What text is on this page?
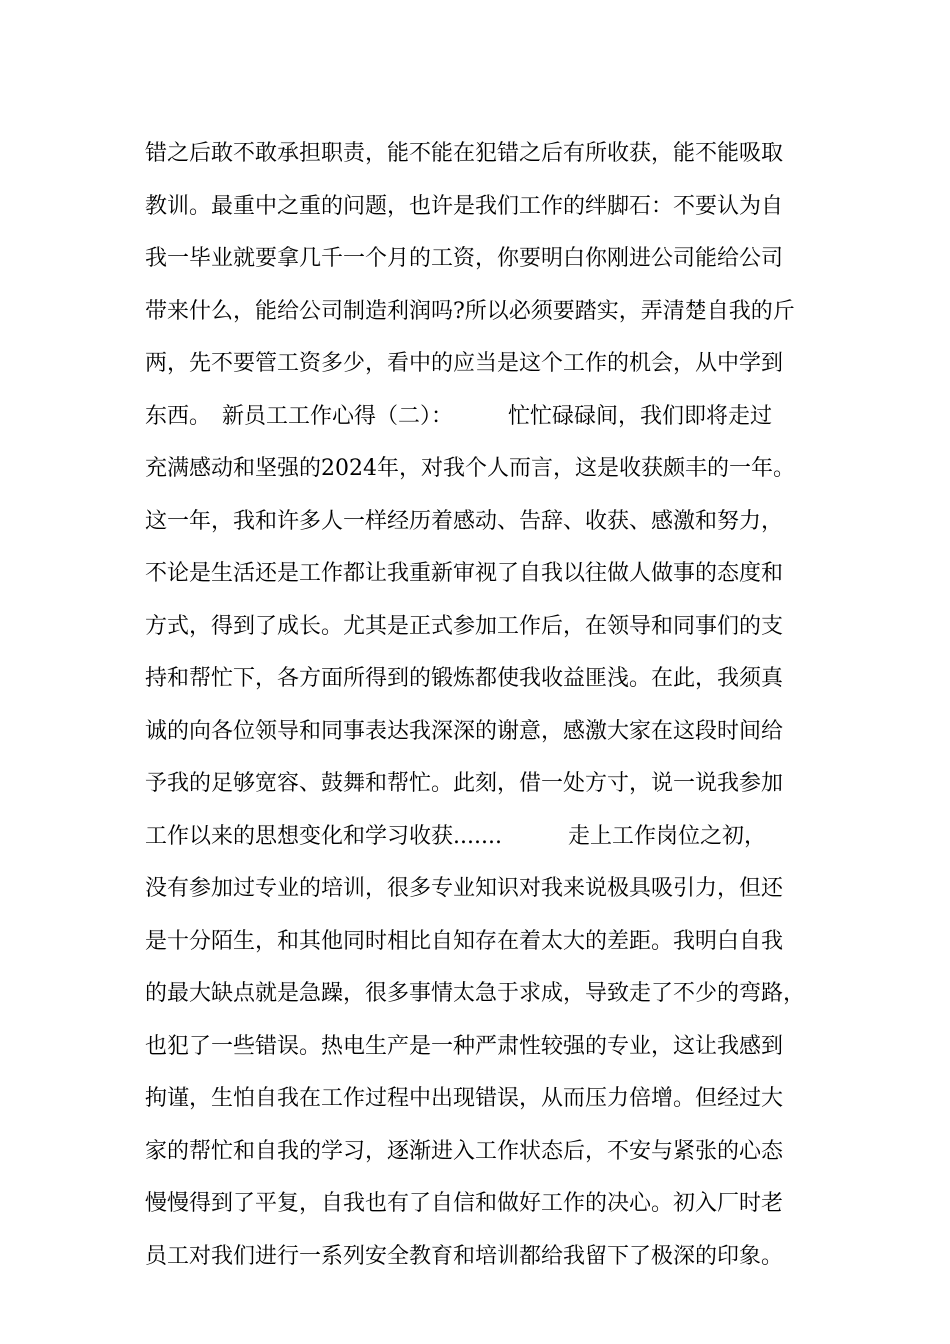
错之后敢不敢承担职责，能不能在犯错之后有所收获，能不能吸取
教训。最重中之重的问题，也许是我们工作的绊脚石：不要认为自
我一毕业就要拿几千一个月的工资，你要明白你刚进公司能给公司
带来什么，能给公司制造利润吗?所以必须要踏实，弄清楚自我的斤
两，先不要管工资多少，看中的应当是这个工作的机会，从中学到
东西。　新员工工作心得（二）：　　　忙忙碌碌间，我们即将走过
充满感动和坚强的2024年，对我个人而言，这是收获颇丰的一年。
这一年，我和许多人一样经历着感动、告辞、收获、感激和努力，
不论是生活还是工作都让我重新审视了自我以往做人做事的态度和
方式，得到了成长。尤其是正式参加工作后，在领导和同事们的支
持和帮忙下，各方面所得到的锻炼都使我收益匪浅。在此，我须真
诚的向各位领导和同事表达我深深的谢意，感激大家在这段时间给
予我的足够宽容、鼓舞和帮忙。此刻，借一处方寸，说一说我参加
工作以来的思想变化和学习收获.......　　　走上工作岗位之初，
没有参加过专业的培训，很多专业知识对我来说极具吸引力，但还
是十分陌生，和其他同时相比自知存在着太大的差距。我明白自我
的最大缺点就是急躁，很多事情太急于求成，导致走了不少的弯路，
也犯了一些错误。热电生产是一种严肃性较强的专业，这让我感到
拘谨，生怕自我在工作过程中出现错误，从而压力倍增。但经过大
家的帮忙和自我的学习，逐渐进入工作状态后，不安与紧张的心态
慢慢得到了平复，自我也有了自信和做好工作的决心。初入厂时老
员工对我们进行一系列安全教育和培训都给我留下了极深的印象。
